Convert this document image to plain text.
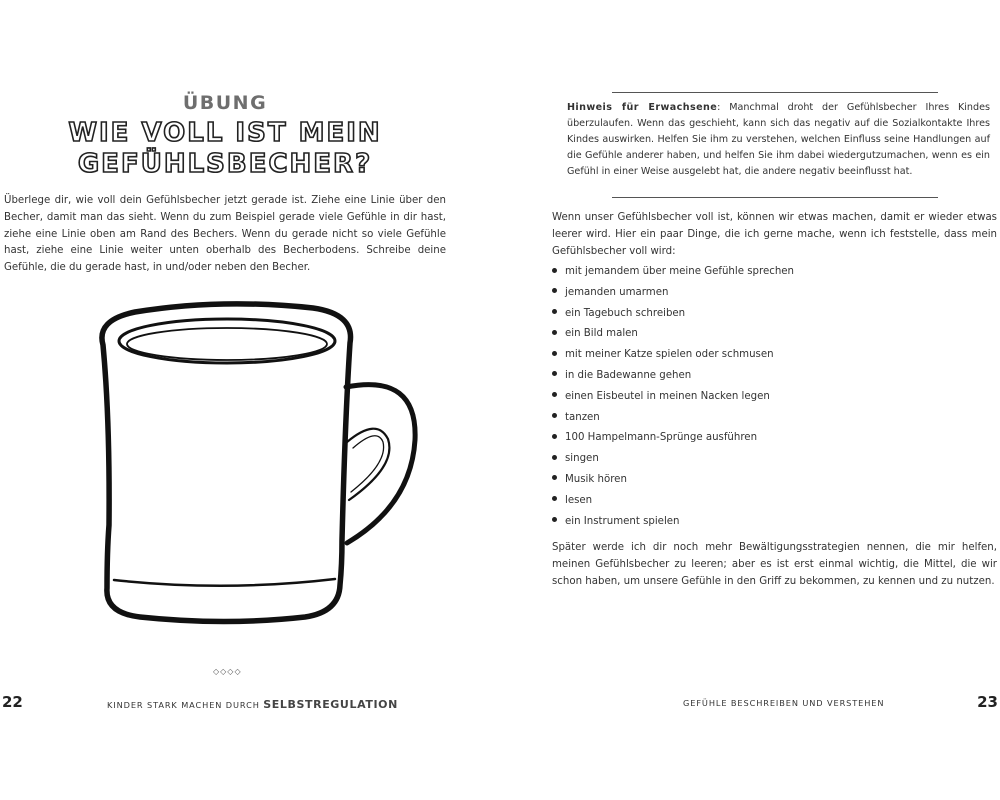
ÜBUNG
WIE VOLL IST MEIN
GEFÜHLSBECHER?

Überlege dir, wie voll dein Gefühlsbecher jetzt gerade ist. Ziehe eine Linie über den Becher, damit man das sieht. Wenn du zum Beispiel gerade viele Gefühle in dir hast, ziehe eine Linie oben am Rand des Bechers. Wenn du gerade nicht so viele Gefühle hast, ziehe eine Linie weiter unten oberhalb des Becherbodens. Schreibe deine Gefühle, die du gerade hast, in und/oder neben den Becher.

◇◇◇◇
22	KINDER STARK MACHEN DURCH SELBSTREGULATION

Hinweis für Erwachsene: Manchmal droht der Gefühlsbecher Ihres Kindes überzulaufen. Wenn das geschieht, kann sich das negativ auf die Sozialkontakte Ihres Kindes auswirken. Helfen Sie ihm zu verstehen, welchen Einfluss seine Handlungen auf die Gefühle anderer haben, und helfen Sie ihm dabei wiedergutzumachen, wenn es ein Gefühl in einer Weise ausgelebt hat, die andere negativ beeinflusst hat.

Wenn unser Gefühlsbecher voll ist, können wir etwas machen, damit er wieder etwas leerer wird. Hier ein paar Dinge, die ich gerne mache, wenn ich feststelle, dass mein Gefühlsbecher voll wird:

mit jemandem über meine Gefühle sprechen
jemanden umarmen
ein Tagebuch schreiben
ein Bild malen
mit meiner Katze spielen oder schmusen
in die Badewanne gehen
einen Eisbeutel in meinen Nacken legen
tanzen
100 Hampelmann-Sprünge ausführen
singen
Musik hören
lesen
ein Instrument spielen

Später werde ich dir noch mehr Bewältigungsstrategien nennen, die mir helfen, meinen Gefühlsbecher zu leeren; aber es ist erst einmal wichtig, die Mittel, die wir schon haben, um unsere Gefühle in den Griff zu bekommen, zu kennen und zu nutzen.

GEFÜHLE BESCHREIBEN UND VERSTEHEN	23
